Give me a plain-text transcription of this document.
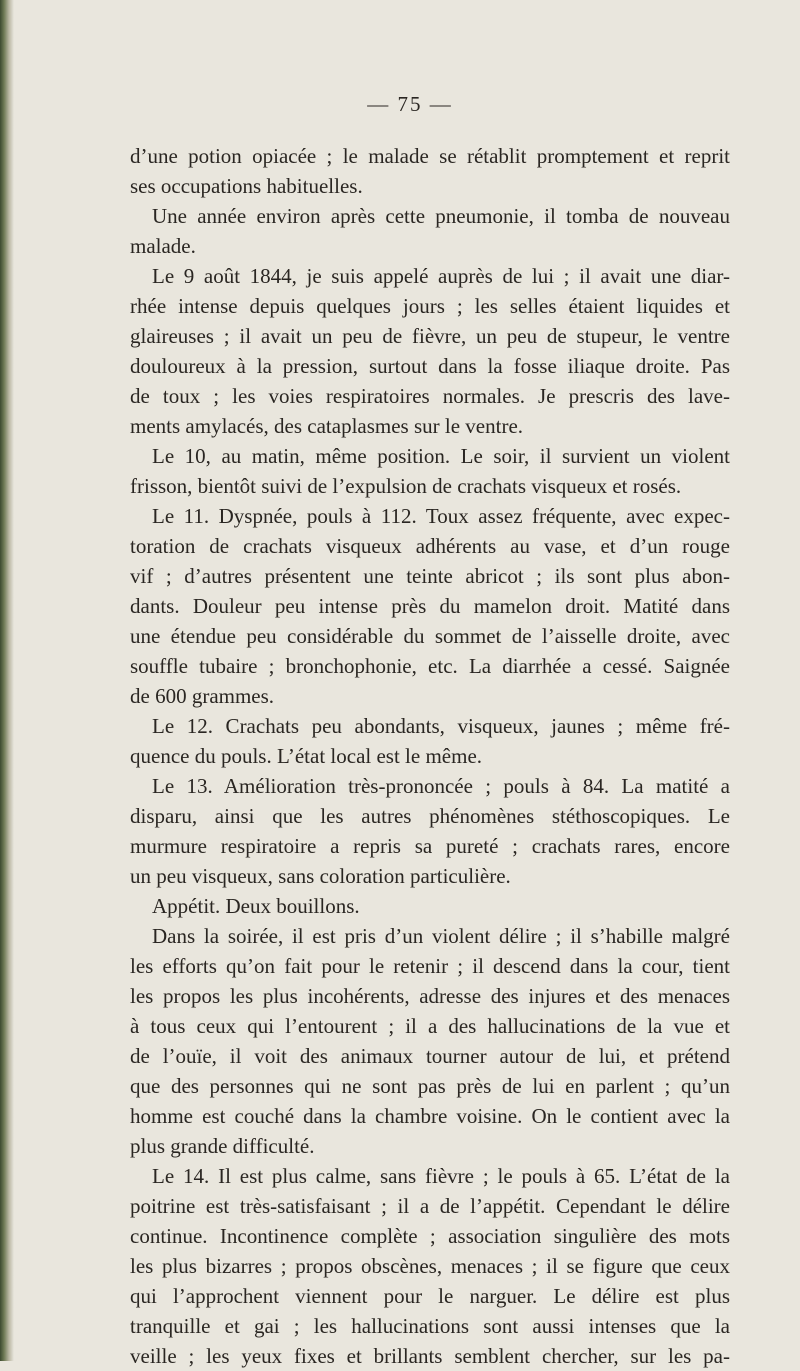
— 75 —
d’une potion opiacée ; le malade se rétablit promptement et reprit
ses occupations habituelles.
Une année environ après cette pneumonie, il tomba de nouveau
malade.
Le 9 août 1844, je suis appelé auprès de lui ; il avait une diar-
rhée intense depuis quelques jours ; les selles étaient liquides et
glaireuses ; il avait un peu de fièvre, un peu de stupeur, le ventre
douloureux à la pression, surtout dans la fosse iliaque droite. Pas
de toux ; les voies respiratoires normales. Je prescris des lave-
ments amylacés, des cataplasmes sur le ventre.
Le 10, au matin, même position. Le soir, il survient un violent
frisson, bientôt suivi de l’expulsion de crachats visqueux et rosés.
Le 11. Dyspnée, pouls à 112. Toux assez fréquente, avec expec-
toration de crachats visqueux adhérents au vase, et d’un rouge
vif ; d’autres présentent une teinte abricot ; ils sont plus abon-
dants. Douleur peu intense près du mamelon droit. Matité dans
une étendue peu considérable du sommet de l’aisselle droite, avec
souffle tubaire ; bronchophonie, etc. La diarrhée a cessé. Saignée
de 600 grammes.
Le 12. Crachats peu abondants, visqueux, jaunes ; même fré-
quence du pouls. L’état local est le même.
Le 13. Amélioration très-prononcée ; pouls à 84. La matité a
disparu, ainsi que les autres phénomènes stéthoscopiques. Le
murmure respiratoire a repris sa pureté ; crachats rares, encore
un peu visqueux, sans coloration particulière.
Appétit. Deux bouillons.
Dans la soirée, il est pris d’un violent délire ; il s’habille malgré
les efforts qu’on fait pour le retenir ; il descend dans la cour, tient
les propos les plus incohérents, adresse des injures et des menaces
à tous ceux qui l’entourent ; il a des hallucinations de la vue et
de l’ouïe, il voit des animaux tourner autour de lui, et prétend
que des personnes qui ne sont pas près de lui en parlent ; qu’un
homme est couché dans la chambre voisine. On le contient avec la
plus grande difficulté.
Le 14. Il est plus calme, sans fièvre ; le pouls à 65. L’état de la
poitrine est très-satisfaisant ; il a de l’appétit. Cependant le délire
continue. Incontinence complète ; association singulière des mots
les plus bizarres ; propos obscènes, menaces ; il se figure que ceux
qui l’approchent viennent pour le narguer. Le délire est plus
tranquille et gai ; les hallucinations sont aussi intenses que la
veille ; les yeux fixes et brillants semblent chercher, sur les pa-
